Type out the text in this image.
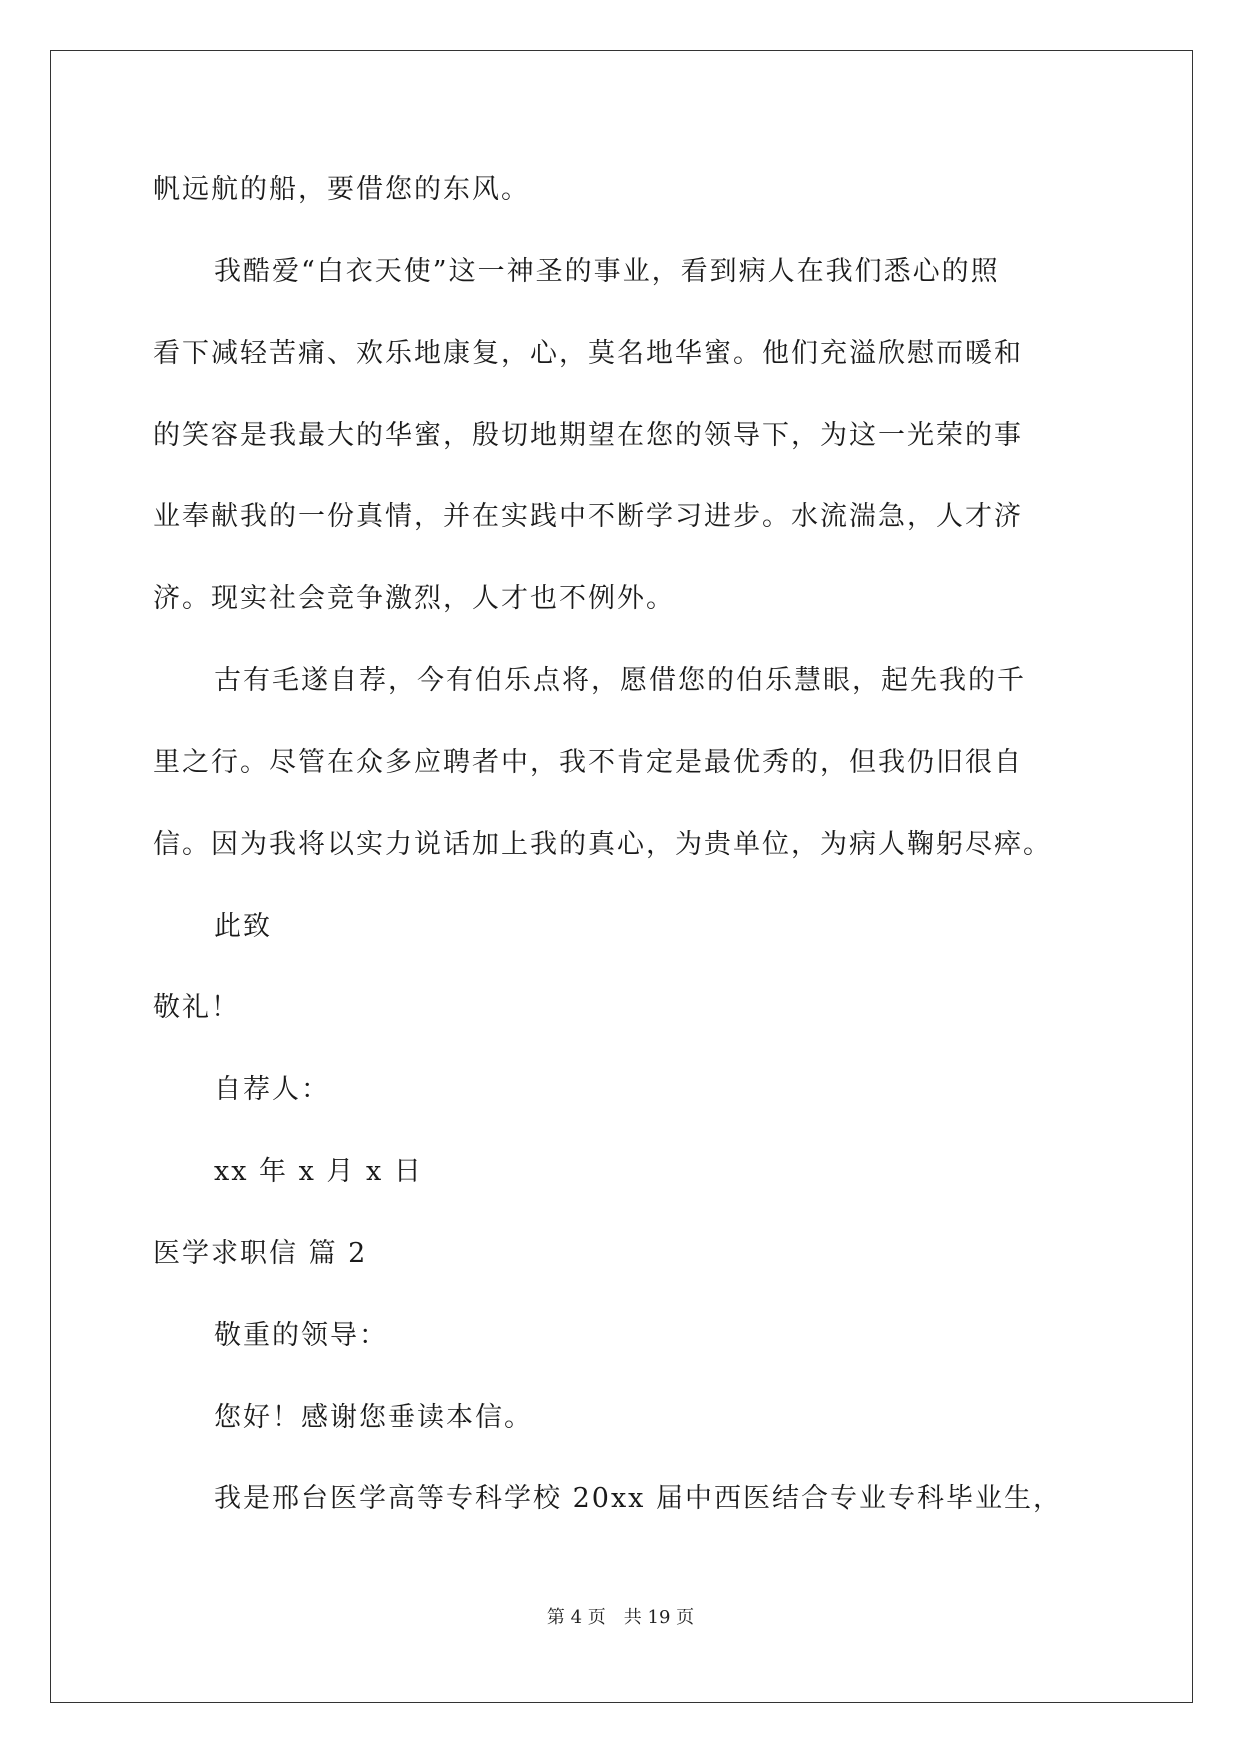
帆远航的船，要借您的东风。
我酷爱“白衣天使”这一神圣的事业，看到病人在我们悉心的照
看下减轻苦痛、欢乐地康复，心，莫名地华蜜。他们充溢欣慰而暖和
的笑容是我最大的华蜜，殷切地期望在您的领导下，为这一光荣的事
业奉献我的一份真情，并在实践中不断学习进步。水流湍急，人才济
济。现实社会竞争激烈，人才也不例外。
古有毛遂自荐，今有伯乐点将，愿借您的伯乐慧眼，起先我的千
里之行。尽管在众多应聘者中，我不肯定是最优秀的，但我仍旧很自
信。因为我将以实力说话加上我的真心，为贵单位，为病人鞠躬尽瘁。
此致
敬礼！
自荐人：
xx 年 x 月 x 日
医学求职信 篇 2
敬重的领导：
您好！感谢您垂读本信。
我是邢台医学高等专科学校 20xx 届中西医结合专业专科毕业生，
第 4 页 共 19 页
